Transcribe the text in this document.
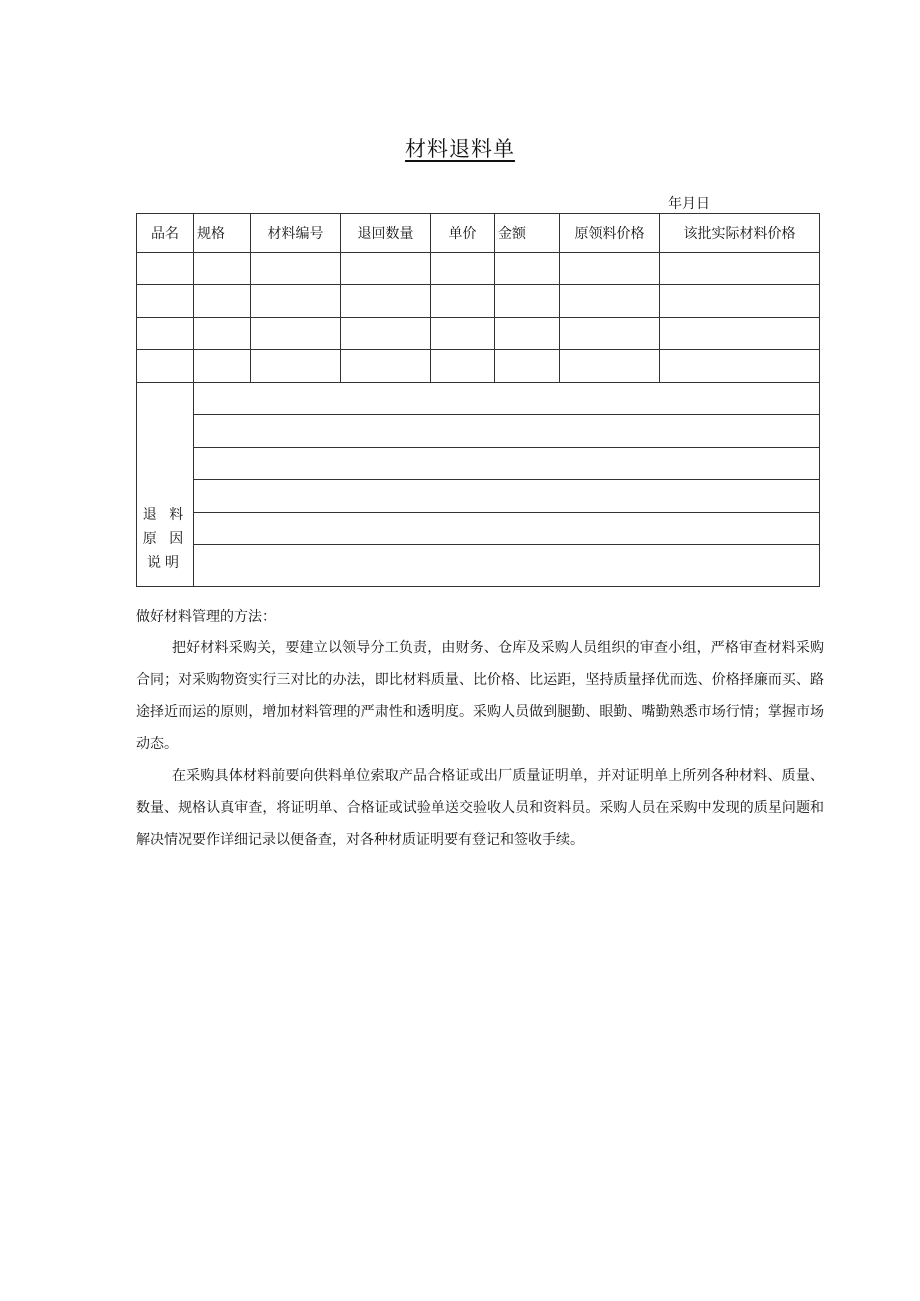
材料退料单
年月日
品名	规格	材料编号	退回数量	单价	金额	原领料价格	该批实际材料价格

退 料
原 因
说明							

做好材料管理的方法：
把好材料采购关，要建立以领导分工负责，由财务、仓库及采购人员组织的审查小组，严格审查材料采购合同；对采购物资实行三对比的办法，即比材料质量、比价格、比运距，坚持质量择优而选、价格择廉而买、路途择近而运的原则，增加材料管理的严肃性和透明度。采购人员做到腿勤、眼勤、嘴勤熟悉市场行情；掌握市场动态。
在采购具体材料前要向供料单位索取产品合格证或出厂质量证明单，并对证明单上所列各种材料、质量、数量、规格认真审查，将证明单、合格证或试验单送交验收人员和资料员。采购人员在采购中发现的质星问题和解决情况要作详细记录以便备查，对各种材质证明要有登记和签收手续。
